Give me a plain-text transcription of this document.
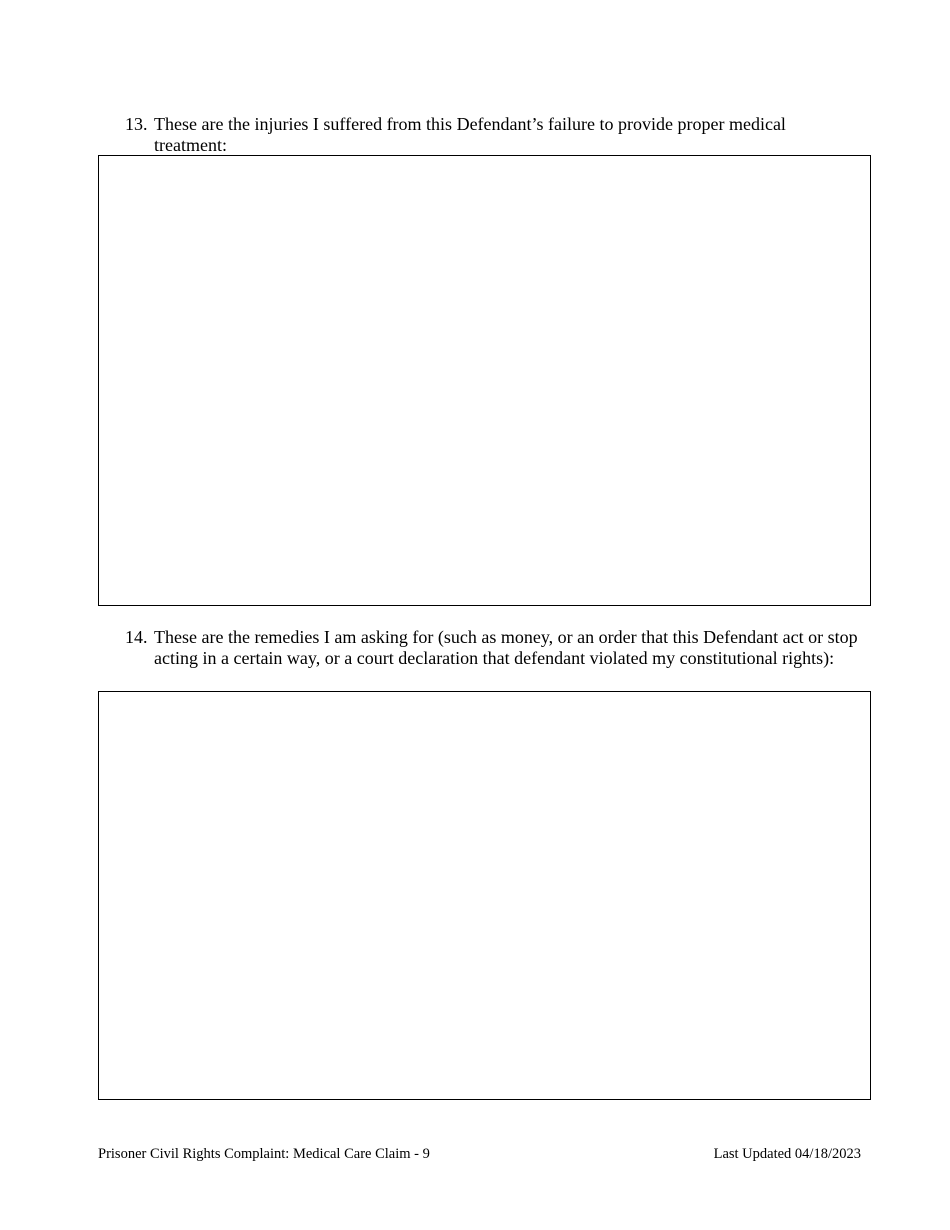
13. These are the injuries I suffered from this Defendant’s failure to provide proper medical treatment:
14. These are the remedies I am asking for (such as money, or an order that this Defendant act or stop acting in a certain way, or a court declaration that defendant violated my constitutional rights):
Prisoner Civil Rights Complaint: Medical Care Claim - 9	Last Updated 04/18/2023
